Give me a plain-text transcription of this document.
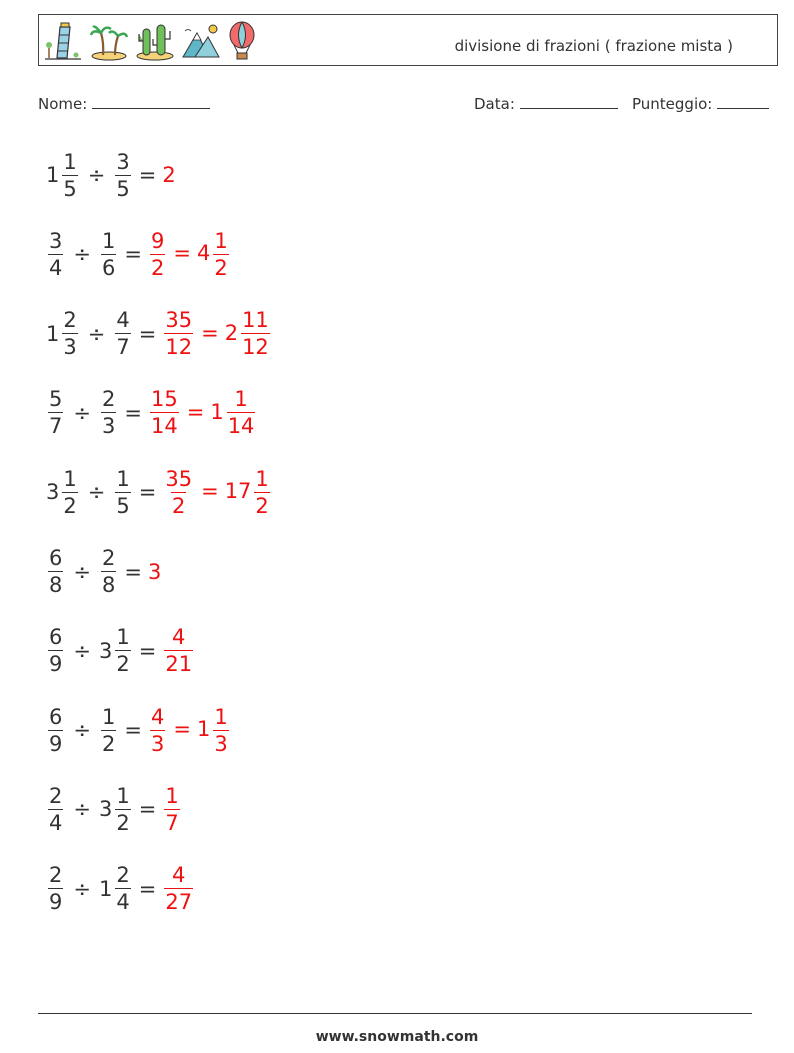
divisione di frazioni ( frazione mista )
Nome:	Data:	Punteggio:
$1 \frac{1}{5} \div \frac{3}{5} = 2$
$\frac{3}{4} \div \frac{1}{6} = \frac{9}{2} = 4 \frac{1}{2}$
$1 \frac{2}{3} \div \frac{4}{7} = \frac{35}{12} = 2 \frac{11}{12}$
$\frac{5}{7} \div \frac{2}{3} = \frac{15}{14} = 1 \frac{1}{14}$
$3 \frac{1}{2} \div \frac{1}{5} = \frac{35}{2} = 17 \frac{1}{2}$
$\frac{6}{8} \div \frac{2}{8} = 3$
$\frac{6}{9} \div 3 \frac{1}{2} = \frac{4}{21}$
$\frac{6}{9} \div \frac{1}{2} = \frac{4}{3} = 1 \frac{1}{3}$
$\frac{2}{4} \div 3 \frac{1}{2} = \frac{1}{7}$
$\frac{2}{9} \div 1 \frac{2}{4} = \frac{4}{27}$
www.snowmath.com
